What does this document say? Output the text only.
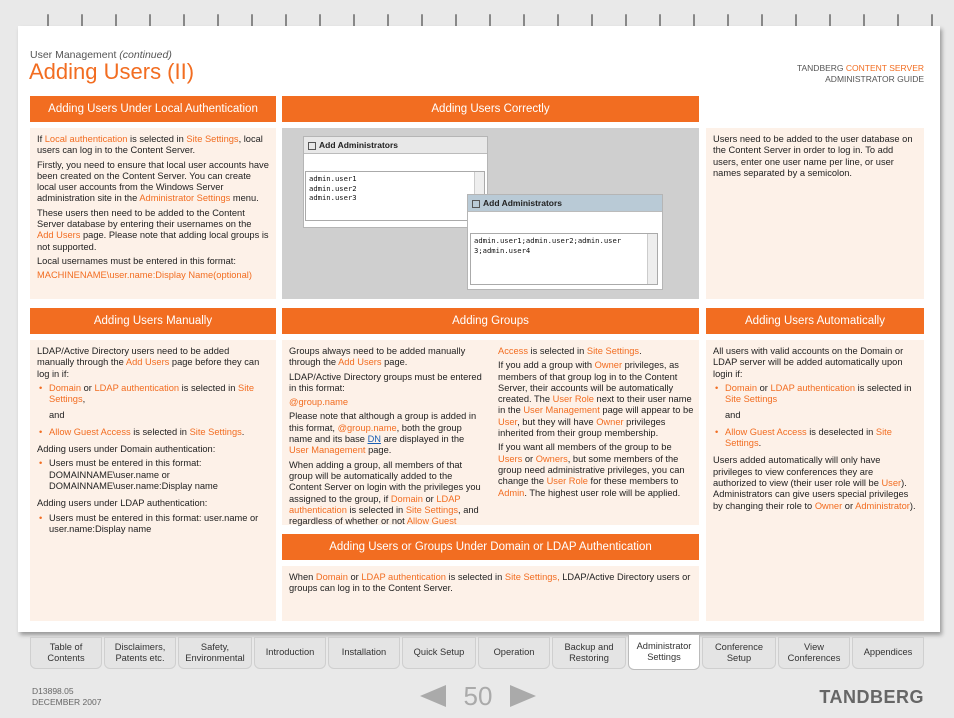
User Management (continued)
Adding Users (II)	TANDBERG CONTENT SERVER
ADMINISTRATOR GUIDE
Adding Users Under Local Authentication

If Local authentication is selected in Site Settings, local users can log in to the Content Server.

Firstly, you need to ensure that local user accounts have been created on the Content Server. You can create local user accounts from the Windows Server administration site in the Administrator Settings menu.

These users then need to be added to the Content Server database by entering their usernames on the Add Users page. Please note that adding local groups is not supported.

Local usernames must be entered in this format:

MACHINENAME\user.name:Display Name(optional)

Adding Users Correctly
Add Administrators
admin.user1
admin.user2
admin.user3
Add Administrators
admin.user1;admin.user2;admin.user
3;admin.user4

Users need to be added to the user database on the Content Server in order to log in. To add users, enter one user name per line, or user names separated by a semicolon.

Adding Users Manually

LDAP/Active Directory users need to be added manually through the Add Users page before they can log in if:

• Domain or LDAP authentication is selected in Site Settings,

and

• Allow Guest Access is selected in Site Settings.

Adding users under Domain authentication:

• Users must be entered in this format: DOMAINNAME\user.name or DOMAINNAME\user.name:Display name

Adding users under LDAP authentication:

• Users must be entered in this format: user.name or user.name:Display name
Adding Groups

Groups always need to be added manually through the Add Users page.

LDAP/Active Directory groups must be entered in this format:

@group.name

Please note that although a group is added in this format, @group.name, both the group name and its base DN are displayed in the User Management page.

When adding a group, all members of that group will be automatically added to the Content Server on login with the privileges you assigned to the group, if Domain or LDAP authentication is selected in Site Settings, and regardless of whether or not Allow Guest

Access is selected in Site Settings.

If you add a group with Owner privileges, as members of that group log in to the Content Server, their accounts will be automatically created. The User Role next to their user name in the User Management page will appear to be User, but they will have Owner privileges inherited from their group membership.

If you want all members of the group to be Users or Owners, but some members of the group need administrative privileges, you can change the User Role for these members to Admin. The highest user role will be applied.

Adding Users or Groups Under Domain or LDAP Authentication

When Domain or LDAP authentication is selected in Site Settings, LDAP/Active Directory users or groups can log in to the Content Server.

Adding Users Automatically

All users with valid accounts on the Domain or LDAP server will be added automatically upon login if:

• Domain or LDAP authentication is selected in Site Settings

and

• Allow Guest Access is deselected in Site Settings.

Users added automatically will only have privileges to view conferences they are authorized to view (their user role will be User). Administrators can give users special privileges by changing their role to Owner or Administrator).

Table of
Contents
Disclaimers,
Patents etc.
Safety,
Environmental
Introduction	Installation	Quick Setup	Operation
Backup and
Restoring
Administrator
Settings
Conference
Setup
View
Conferences
Appendices
D13898.05
DECEMBER 2007	50	TANDBERG
